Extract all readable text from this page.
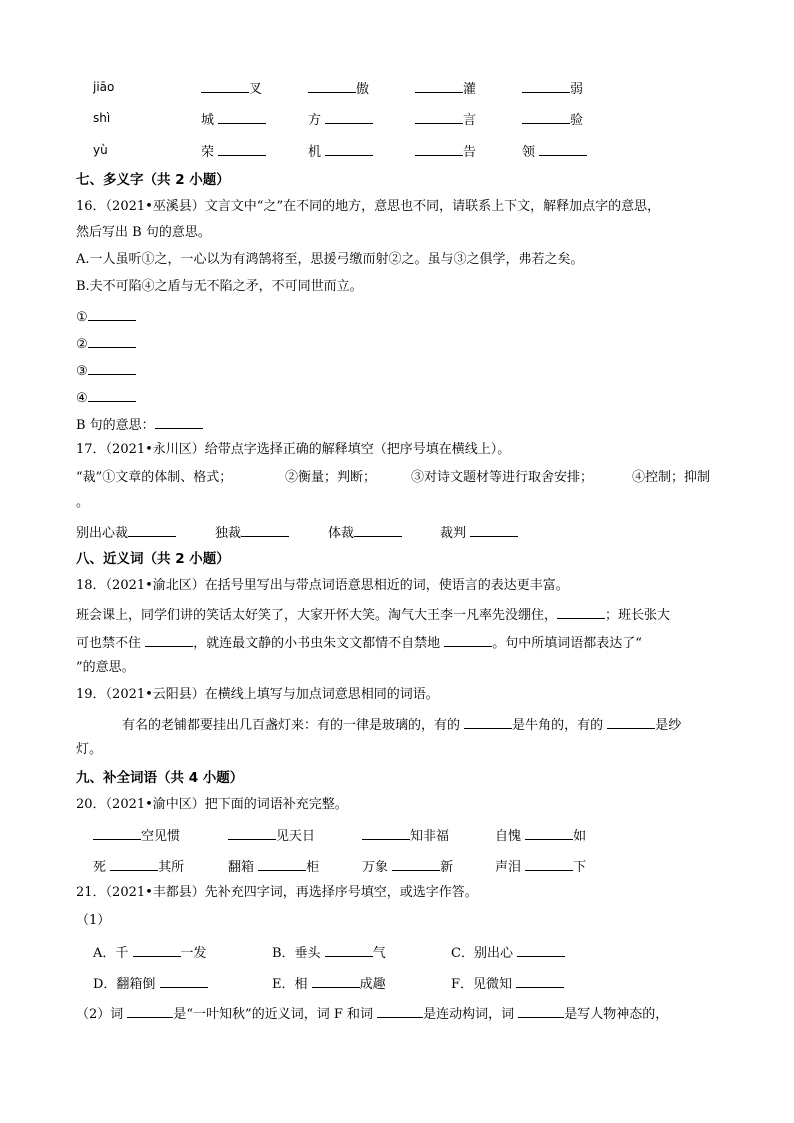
jiāo	叉	傲	灌	弱
shì	城	方	言	验
yù	荣	机	告	领
七、多义字（共 2 小题）
16．（2021•巫溪县）文言文中“之”在不同的地方，意思也不同，请联系上下文，解释加点字的意思，
然后写出 B 句的意思。
A.一人虽听①之，一心以为有鸿鹄将至，思援弓缴而射②之。虽与③之俱学，弗若之矣。
B.夫不可陷④之盾与无不陷之矛，不可同世而立。
①
②
③
④
B 句的意思：
17．（2021•永川区）给带点字选择正确的解释填空（把序号填在横线上）。
“裁”①文章的体制、格式；	②衡量；判断；	③对诗文题材等进行取舍安排；	④控制；抑制
。
别出心裁	独裁	体裁	裁判
八、近义词（共 2 小题）
18．（2021•渝北区）在括号里写出与带点词语意思相近的词，使语言的表达更丰富。
班会课上，同学们讲的笑话太好笑了，大家开怀大笑。淘气大王李一凡率先没绷住，	；班长张大
可也禁不住	，就连最文静的小书虫朱文文都情不自禁地	。句中所填词语都表达了“
”的意思。
19．（2021•云阳县）在横线上填写与加点词意思相同的词语。
有名的老铺都要挂出几百盏灯来：有的一律是玻璃的，有的	是牛角的，有的	是纱
灯。
九、补全词语（共 4 小题）
20．（2021•渝中区）把下面的词语补充完整。
空见惯	见天日	知非福	自愧	如
死	其所	翻箱	柜	万象	新	声泪	下
21．（2021•丰都县）先补充四字词，再选择序号填空，或选字作答。
（1）
A．千	一发	B．垂头	气	C．别出心
D．翻箱倒	E．相	成趣	F．见微知
（2）词	是“一叶知秋”的近义词，词 F 和词	是连动构词，词	是写人物神态的，
